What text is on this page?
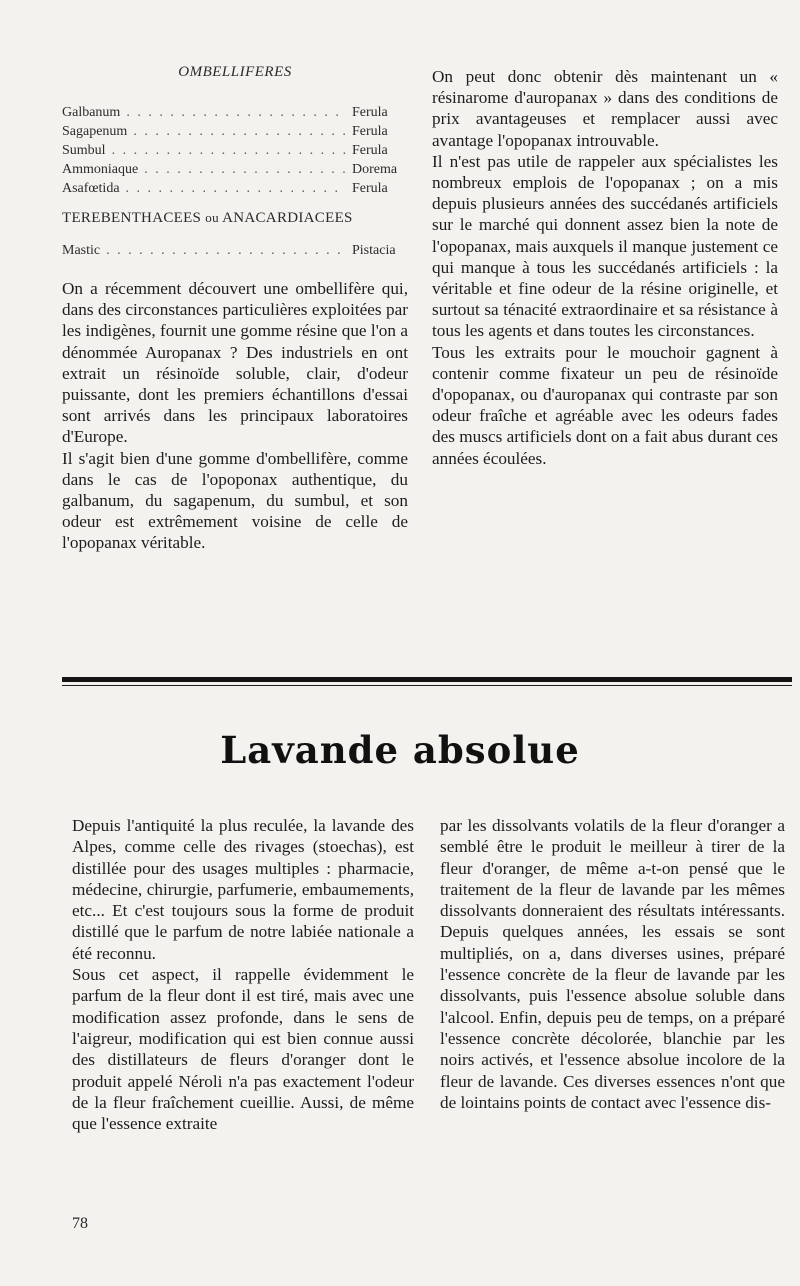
OMBELLIFERES
Galbanum . . .	Ferula
Sagapenum . . .	Ferula
Sumbul . . .	Ferula
Ammoniaque . . .	Dorema
Asafœtida . . .	Ferula
TEREBENTHACEES ou ANACARDIACEES
Mastic . . .	Pistacia

On a récemment découvert une ombellifère qui, dans des circonstances particulières exploitées par les indigènes, fournit une gomme résine que l'on a dénommée Auropanax ? Des industriels en ont extrait un résinoïde soluble, clair, d'odeur puissante, dont les premiers échantillons d'essai sont arrivés dans les principaux laboratoires d'Europe.

Il s'agit bien d'une gomme d'ombellifère, comme dans le cas de l'opoponax authentique, du galbanum, du sagapenum, du sumbul, et son odeur est extrêmement voisine de celle de l'opopanax véritable.

On peut donc obtenir dès maintenant un « résinarome d'auropanax » dans des conditions de prix avantageuses et remplacer aussi avec avantage l'opopanax introuvable.

Il n'est pas utile de rappeler aux spécialistes les nombreux emplois de l'opopanax ; on a mis depuis plusieurs années des succédanés artificiels sur le marché qui donnent assez bien la note de l'opopanax, mais auxquels il manque justement ce qui manque à tous les succédanés artificiels : la véritable et fine odeur de la résine originelle, et surtout sa ténacité extraordinaire et sa résistance à tous les agents et dans toutes les circonstances.

Tous les extraits pour le mouchoir gagnent à contenir comme fixateur un peu de résinoïde d'opopanax, ou d'auropanax qui contraste par son odeur fraîche et agréable avec les odeurs fades des muscs artificiels dont on a fait abus durant ces années écoulées.

Lavande absolue

Depuis l'antiquité la plus reculée, la lavande des Alpes, comme celle des rivages (stoechas), est distillée pour des usages multiples : pharmacie, médecine, chirurgie, parfumerie, embaumements, etc... Et c'est toujours sous la forme de produit distillé que le parfum de notre labiée nationale a été reconnu.

Sous cet aspect, il rappelle évidemment le parfum de la fleur dont il est tiré, mais avec une modification assez profonde, dans le sens de l'aigreur, modification qui est bien connue aussi des distillateurs de fleurs d'oranger dont le produit appelé Néroli n'a pas exactement l'odeur de la fleur fraîchement cueillie. Aussi, de même que l'essence extraite

par les dissolvants volatils de la fleur d'oranger a semblé être le produit le meilleur à tirer de la fleur d'oranger, de même a-t-on pensé que le traitement de la fleur de lavande par les mêmes dissolvants donneraient des résultats intéressants. Depuis quelques années, les essais se sont multipliés, on a, dans diverses usines, préparé l'essence concrète de la fleur de lavande par les dissolvants, puis l'essence absolue soluble dans l'alcool. Enfin, depuis peu de temps, on a préparé l'essence concrète décolorée, blanchie par les noirs activés, et l'essence absolue incolore de la fleur de lavande. Ces diverses essences n'ont que de lointains points de contact avec l'essence dis-

78
